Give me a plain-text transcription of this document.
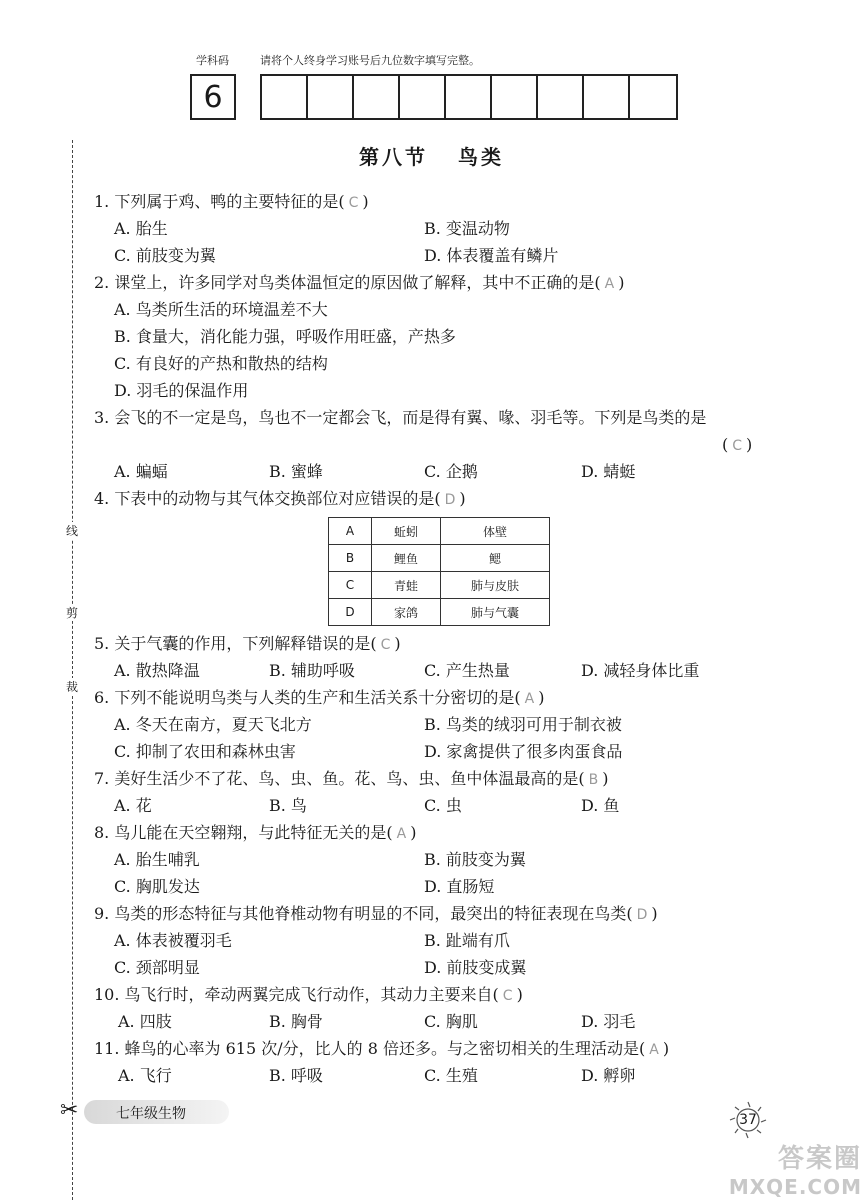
学科码	请将个人终身学习账号后九位数字填写完整。
6
第八节 鸟类
线
剪
裁
✂
1. 下列属于鸡、鸭的主要特征的是( C )
A. 胎生	B. 变温动物
C. 前肢变为翼	D. 体表覆盖有鳞片
2. 课堂上，许多同学对鸟类体温恒定的原因做了解释，其中不正确的是( A )
A. 鸟类所生活的环境温差不大
B. 食量大，消化能力强，呼吸作用旺盛，产热多
C. 有良好的产热和散热的结构
D. 羽毛的保温作用
3. 会飞的不一定是鸟，鸟也不一定都会飞，而是得有翼、喙、羽毛等。下列是鸟类的是
( C )
A. 蝙蝠	B. 蜜蜂	C. 企鹅	D. 蜻蜓
4. 下表中的动物与其气体交换部位对应错误的是( D )
A	蚯蚓	体壁
B	鲤鱼	鳃
C	青蛙	肺与皮肤
D	家鸽	肺与气囊
5. 关于气囊的作用，下列解释错误的是( C )
A. 散热降温	B. 辅助呼吸	C. 产生热量	D. 减轻身体比重
6. 下列不能说明鸟类与人类的生产和生活关系十分密切的是( A )
A. 冬天在南方，夏天飞北方	B. 鸟类的绒羽可用于制衣被
C. 抑制了农田和森林虫害	D. 家禽提供了很多肉蛋食品
7. 美好生活少不了花、鸟、虫、鱼。花、鸟、虫、鱼中体温最高的是( B )
A. 花	B. 鸟	C. 虫	D. 鱼
8. 鸟儿能在天空翱翔，与此特征无关的是( A )
A. 胎生哺乳	B. 前肢变为翼
C. 胸肌发达	D. 直肠短
9. 鸟类的形态特征与其他脊椎动物有明显的不同，最突出的特征表现在鸟类( D )
A. 体表被覆羽毛	B. 趾端有爪
C. 颈部明显	D. 前肢变成翼
10. 鸟飞行时，牵动两翼完成飞行动作，其动力主要来自( C )
A. 四肢	B. 胸骨	C. 胸肌	D. 羽毛
11. 蜂鸟的心率为 615 次/分，比人的 8 倍还多。与之密切相关的生理活动是( A )
A. 飞行	B. 呼吸	C. 生殖	D. 孵卵
七年级生物	37
答案圈
MXQE.COM
